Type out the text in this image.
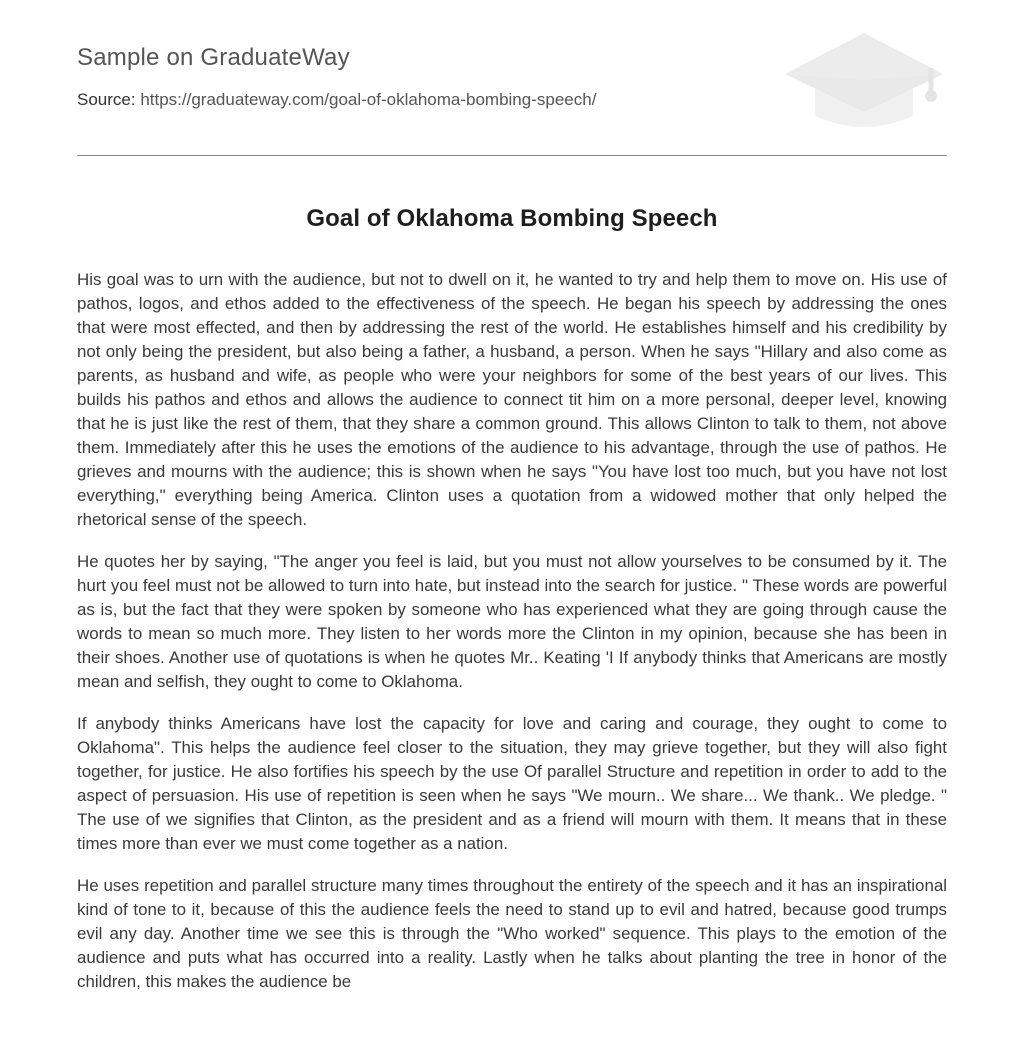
Sample on GraduateWay
Source: https://graduateway.com/goal-of-oklahoma-bombing-speech/
Goal of Oklahoma Bombing Speech

His goal was to urn with the audience, but not to dwell on it, he wanted to try and help them to move on. His use of pathos, logos, and ethos added to the effectiveness of the speech. He began his speech by addressing the ones that were most effected, and then by addressing the rest of the world. He establishes himself and his credibility by not only being the president, but also being a father, a husband, a person. When he says "Hillary and also come as parents, as husband and wife, as people who were your neighbors for some of the best years of our lives. This builds his pathos and ethos and allows the audience to connect tit him on a more personal, deeper level, knowing that he is just like the rest of them, that they share a common ground. This allows Clinton to talk to them, not above them. Immediately after this he uses the emotions of the audience to his advantage, through the use of pathos. He grieves and mourns with the audience; this is shown when he says "You have lost too much, but you have not lost everything," everything being America. Clinton uses a quotation from a widowed mother that only helped the rhetorical sense of the speech.

He quotes her by saying, "The anger you feel is laid, but you must not allow yourselves to be consumed by it. The hurt you feel must not be allowed to turn into hate, but instead into the search for justice. " These words are powerful as is, but the fact that they were spoken by someone who has experienced what they are going through cause the words to mean so much more. They listen to her words more the Clinton in my opinion, because she has been in their shoes. Another use of quotations is when he quotes Mr.. Keating 'I If anybody thinks that Americans are mostly mean and selfish, they ought to come to Oklahoma.

If anybody thinks Americans have lost the capacity for love and caring and courage, they ought to come to Oklahoma". This helps the audience feel closer to the situation, they may grieve together, but they will also fight together, for justice. He also fortifies his speech by the use Of parallel Structure and repetition in order to add to the aspect of persuasion. His use of repetition is seen when he says "We mourn.. We share... We thank.. We pledge. " The use of we signifies that Clinton, as the president and as a friend will mourn with them. It means that in these times more than ever we must come together as a nation.

He uses repetition and parallel structure many times throughout the entirety of the speech and it has an inspirational kind of tone to it, because of this the audience feels the need to stand up to evil and hatred, because good trumps evil any day. Another time we see this is through the "Who worked" sequence. This plays to the emotion of the audience and puts what has occurred into a reality. Lastly when he talks about planting the tree in honor of the children, this makes the audience be
